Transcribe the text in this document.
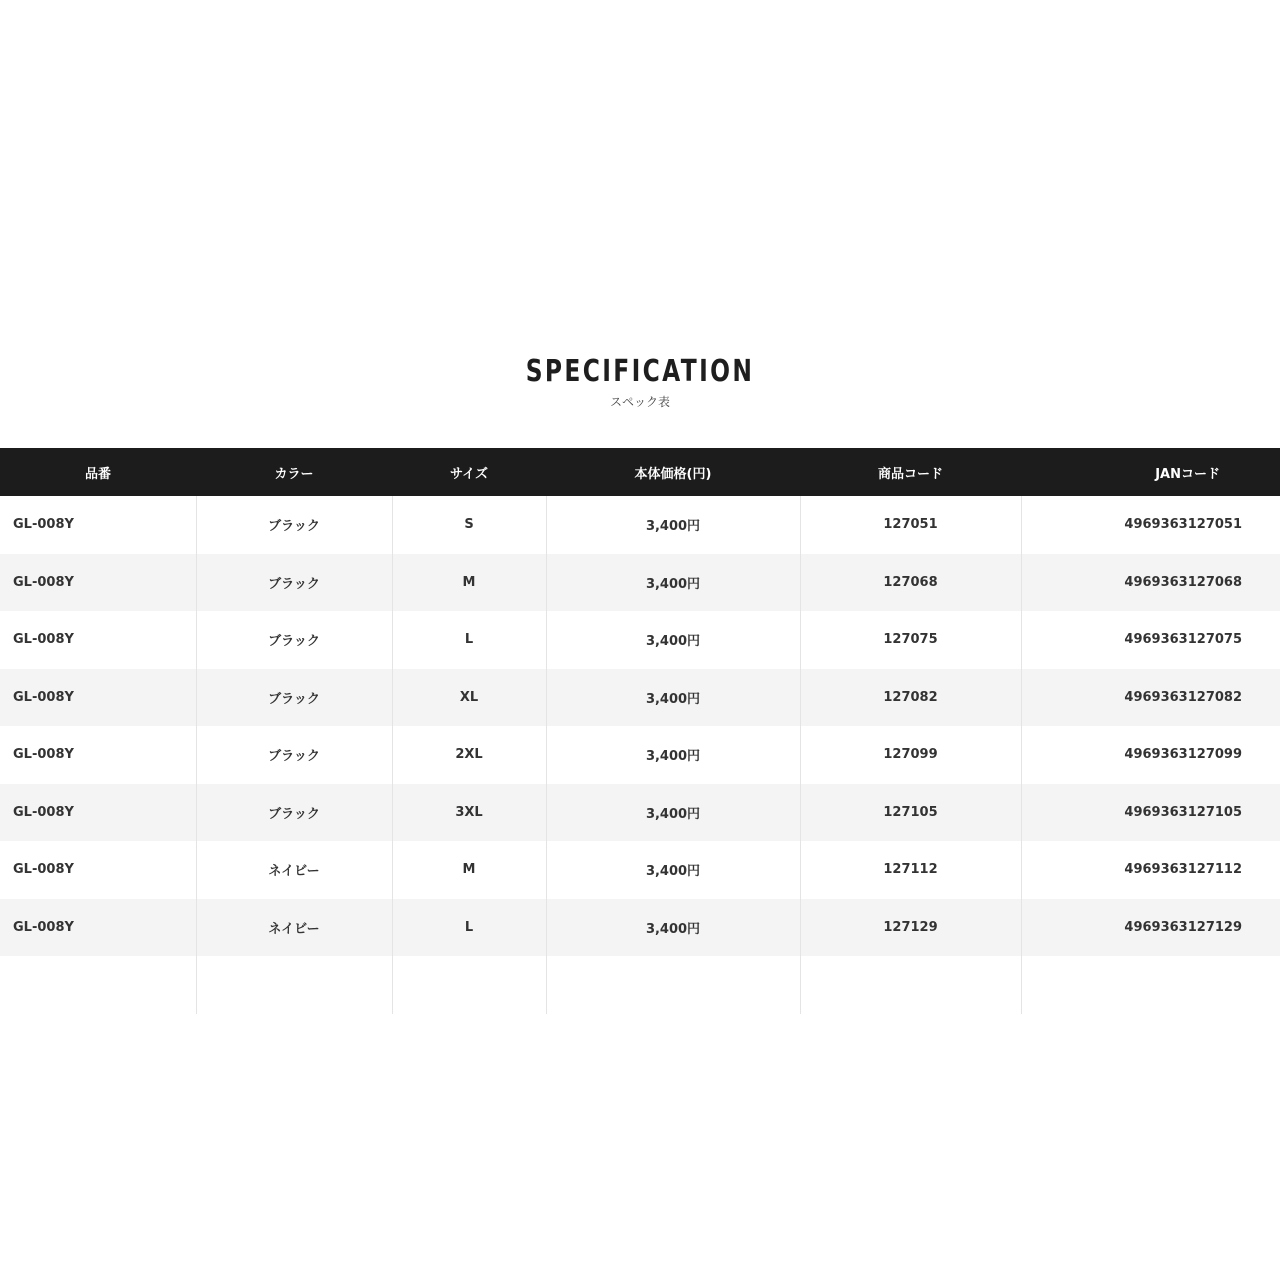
SPECIFICATION
スペック表
品番	カラー	サイズ	本体価格(円)	商品コード	JANコード
GL-008Y	ブラック	S	3,400円	127051	4969363127051
GL-008Y	ブラック	M	3,400円	127068	4969363127068
GL-008Y	ブラック	L	3,400円	127075	4969363127075
GL-008Y	ブラック	XL	3,400円	127082	4969363127082
GL-008Y	ブラック	2XL	3,400円	127099	4969363127099
GL-008Y	ブラック	3XL	3,400円	127105	4969363127105
GL-008Y	ネイビー	M	3,400円	127112	4969363127112
GL-008Y	ネイビー	L	3,400円	127129	4969363127129
